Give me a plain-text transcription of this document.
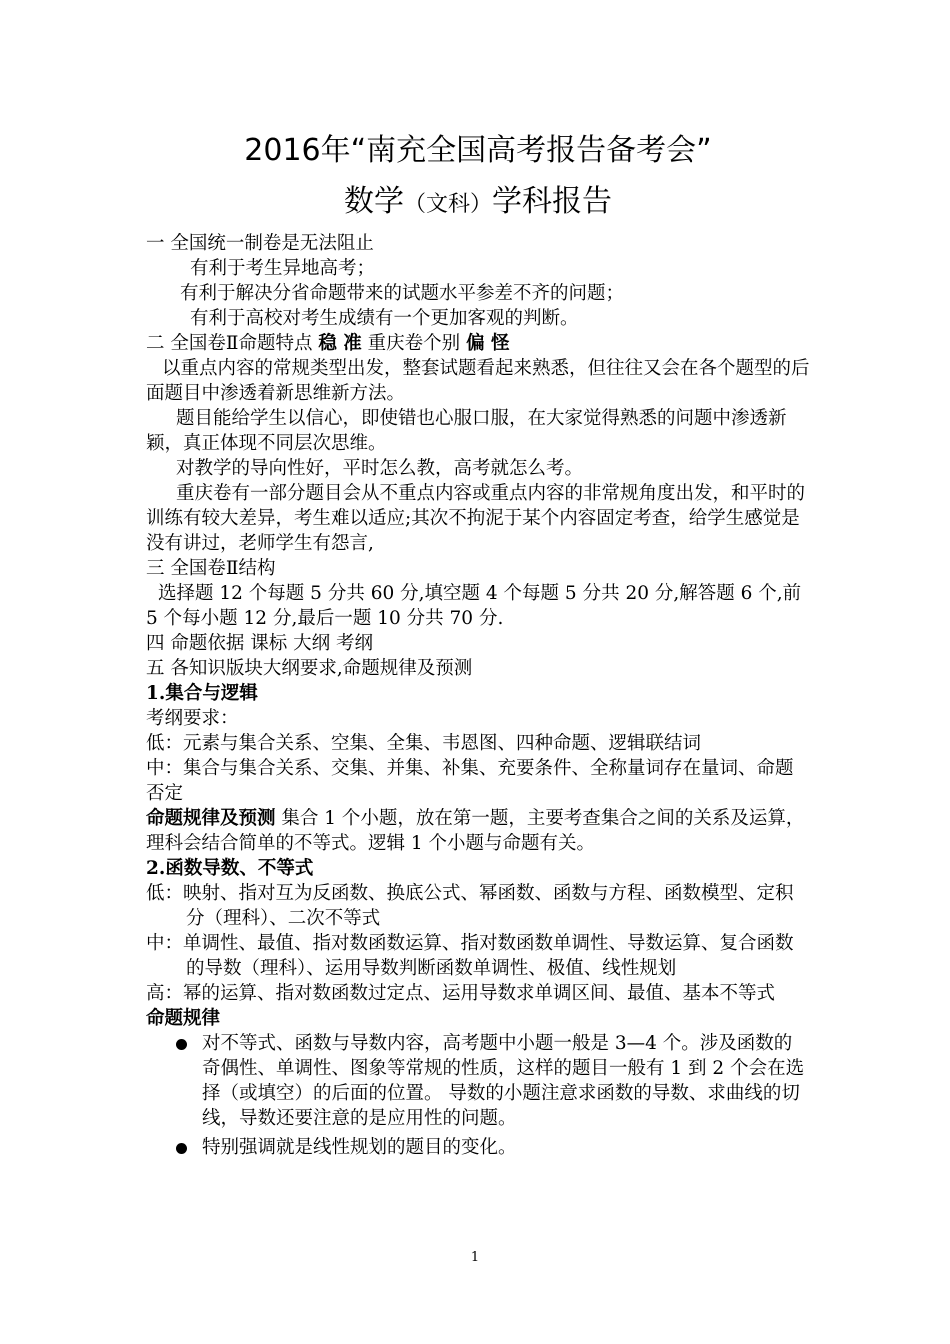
2016年“南充全国高考报告备考会”
数学（文科）学科报告

一 全国统一制卷是无法阻止

有利于考生异地高考；

有利于解决分省命题带来的试题水平参差不齐的问题；

有利于高校对考生成绩有一个更加客观的判断。

二 全国卷Ⅱ命题特点 稳 准 重庆卷个别 偏 怪

以重点内容的常规类型出发，整套试题看起来熟悉，但往往又会在各个题型的后面题目中渗透着新思维新方法。

题目能给学生以信心，即使错也心服口服，在大家觉得熟悉的问题中渗透新颖，真正体现不同层次思维。

对教学的导向性好，平时怎么教，高考就怎么考。

重庆卷有一部分题目会从不重点内容或重点内容的非常规角度出发，和平时的训练有较大差异，考生难以适应;其次不拘泥于某个内容固定考查，给学生感觉是没有讲过，老师学生有怨言,

三 全国卷Ⅱ结构

选择题 12 个每题 5 分共 60 分,填空题 4 个每题 5 分共 20 分,解答题 6 个,前 5 个每小题 12 分,最后一题 10 分共 70 分.

四 命题依据 课标 大纲 考纲

五 各知识版块大纲要求,命题规律及预测

1.集合与逻辑

考纲要求：

低：元素与集合关系、空集、全集、韦恩图、四种命题、逻辑联结词

中：集合与集合关系、交集、并集、补集、充要条件、全称量词存在量词、命题否定

命题规律及预测 集合 1 个小题，放在第一题，主要考查集合之间的关系及运算，理科会结合简单的不等式。逻辑 1 个小题与命题有关。

2.函数导数、不等式

低：映射、指对互为反函数、换底公式、幂函数、函数与方程、函数模型、定积分（理科）、二次不等式

中：单调性、最值、指对数函数运算、指对数函数单调性、导数运算、复合函数的导数（理科）、运用导数判断函数单调性、极值、线性规划

高：幂的运算、指对数函数过定点、运用导数求单调区间、最值、基本不等式

命题规律

对不等式、函数与导数内容，高考题中小题一般是 3—4 个。涉及函数的奇偶性、单调性、图象等常规的性质，这样的题目一般有 1 到 2 个会在选择（或填空）的后面的位置。 导数的小题注意求函数的导数、求曲线的切线，导数还要注意的是应用性的问题。
特别强调就是线性规划的题目的变化。
1
